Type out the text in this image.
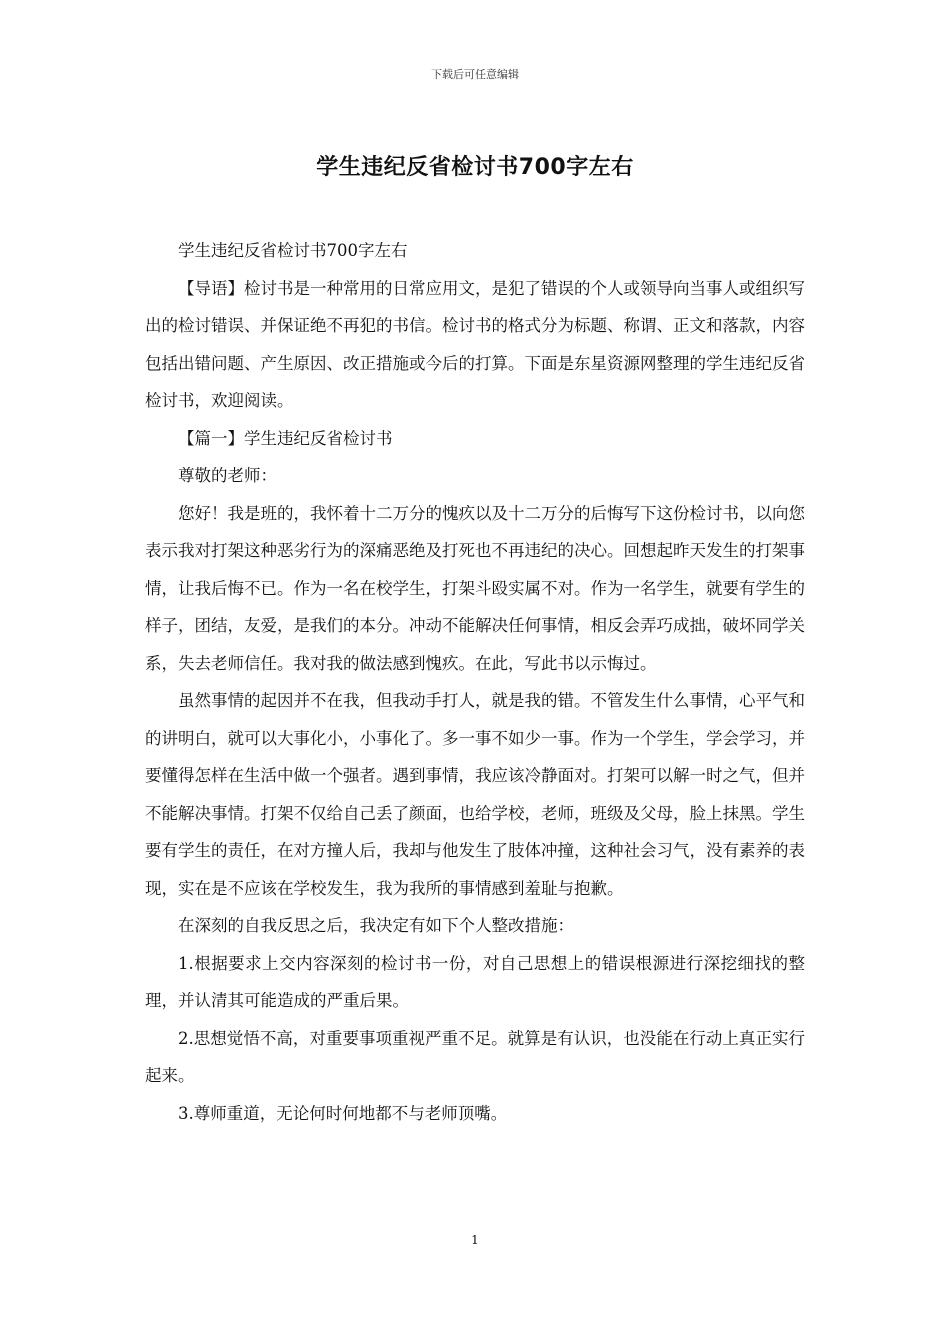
下载后可任意编辑
学生违纪反省检讨书700字左右

学生违纪反省检讨书700字左右

【导语】检讨书是一种常用的日常应用文，是犯了错误的个人或领导向当事人或组织写出的检讨错误、并保证绝不再犯的书信。检讨书的格式分为标题、称谓、正文和落款，内容包括出错问题、产生原因、改正措施或今后的打算。下面是东星资源网整理的学生违纪反省检讨书，欢迎阅读。

【篇一】学生违纪反省检讨书

尊敬的老师：

您好！我是班的，我怀着十二万分的愧疚以及十二万分的后悔写下这份检讨书，以向您表示我对打架这种恶劣行为的深痛恶绝及打死也不再违纪的决心。回想起昨天发生的打架事情，让我后悔不已。作为一名在校学生，打架斗殴实属不对。作为一名学生，就要有学生的样子，团结，友爱，是我们的本分。冲动不能解决任何事情，相反会弄巧成拙，破坏同学关系，失去老师信任。我对我的做法感到愧疚。在此，写此书以示悔过。

虽然事情的起因并不在我，但我动手打人，就是我的错。不管发生什么事情，心平气和的讲明白，就可以大事化小，小事化了。多一事不如少一事。作为一个学生，学会学习，并要懂得怎样在生活中做一个强者。遇到事情，我应该冷静面对。打架可以解一时之气，但并不能解决事情。打架不仅给自己丢了颜面，也给学校，老师，班级及父母，脸上抹黑。学生要有学生的责任，在对方撞人后，我却与他发生了肢体冲撞，这种社会习气，没有素养的表现，实在是不应该在学校发生，我为我所的事情感到羞耻与抱歉。

在深刻的自我反思之后，我决定有如下个人整改措施：

1.根据要求上交内容深刻的检讨书一份，对自己思想上的错误根源进行深挖细找的整理，并认清其可能造成的严重后果。

2.思想觉悟不高，对重要事项重视严重不足。就算是有认识，也没能在行动上真正实行起来。

3.尊师重道，无论何时何地都不与老师顶嘴。

1
